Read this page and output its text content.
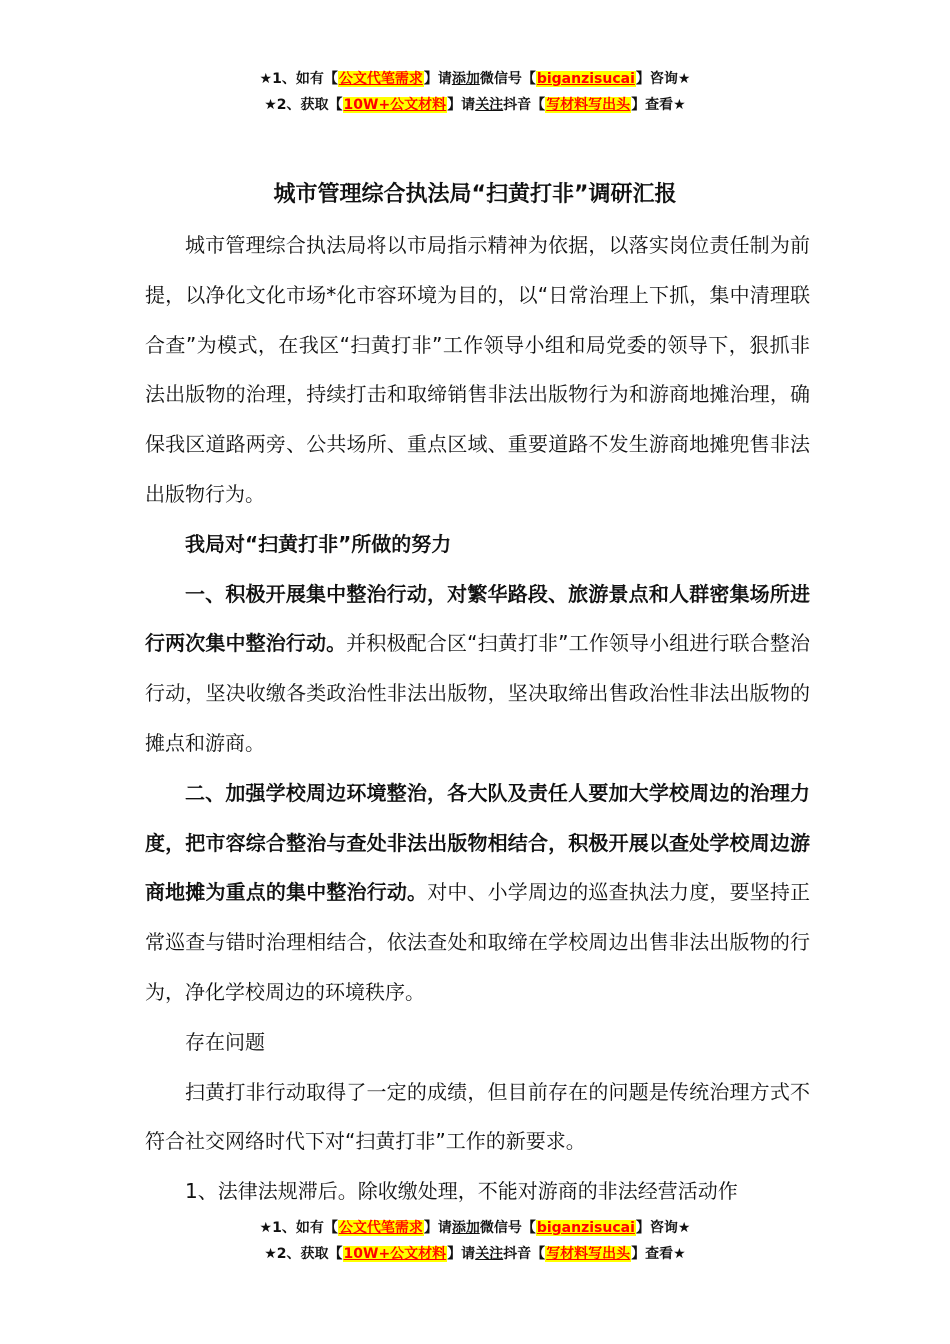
★1、如有【公文代笔需求】请添加微信号【biganzisucai】咨询★
★2、获取【10W+公文材料】请关注抖音【写材料写出头】查看★
城市管理综合执法局“扫黄打非”调研汇报

城市管理综合执法局将以市局指示精神为依据，以落实岗位责任制为前提，以净化文化市场*化市容环境为目的，以“日常治理上下抓，集中清理联合查”为模式，在我区“扫黄打非”工作领导小组和局党委的领导下，狠抓非法出版物的治理，持续打击和取缔销售非法出版物行为和游商地摊治理，确保我区道路两旁、公共场所、重点区域、重要道路不发生游商地摊兜售非法出版物行为。

我局对“扫黄打非”所做的努力

一、积极开展集中整治行动，对繁华路段、旅游景点和人群密集场所进行两次集中整治行动。并积极配合区“扫黄打非”工作领导小组进行联合整治行动，坚决收缴各类政治性非法出版物，坚决取缔出售政治性非法出版物的摊点和游商。

二、加强学校周边环境整治，各大队及责任人要加大学校周边的治理力度，把市容综合整治与查处非法出版物相结合，积极开展以查处学校周边游商地摊为重点的集中整治行动。对中、小学周边的巡查执法力度，要坚持正常巡查与错时治理相结合，依法查处和取缔在学校周边出售非法出版物的行为，净化学校周边的环境秩序。

存在问题

扫黄打非行动取得了一定的成绩，但目前存在的问题是传统治理方式不符合社交网络时代下对“扫黄打非”工作的新要求。

1、法律法规滞后。除收缴处理，不能对游商的非法经营活动作

★1、如有【公文代笔需求】请添加微信号【biganzisucai】咨询★
★2、获取【10W+公文材料】请关注抖音【写材料写出头】查看★
